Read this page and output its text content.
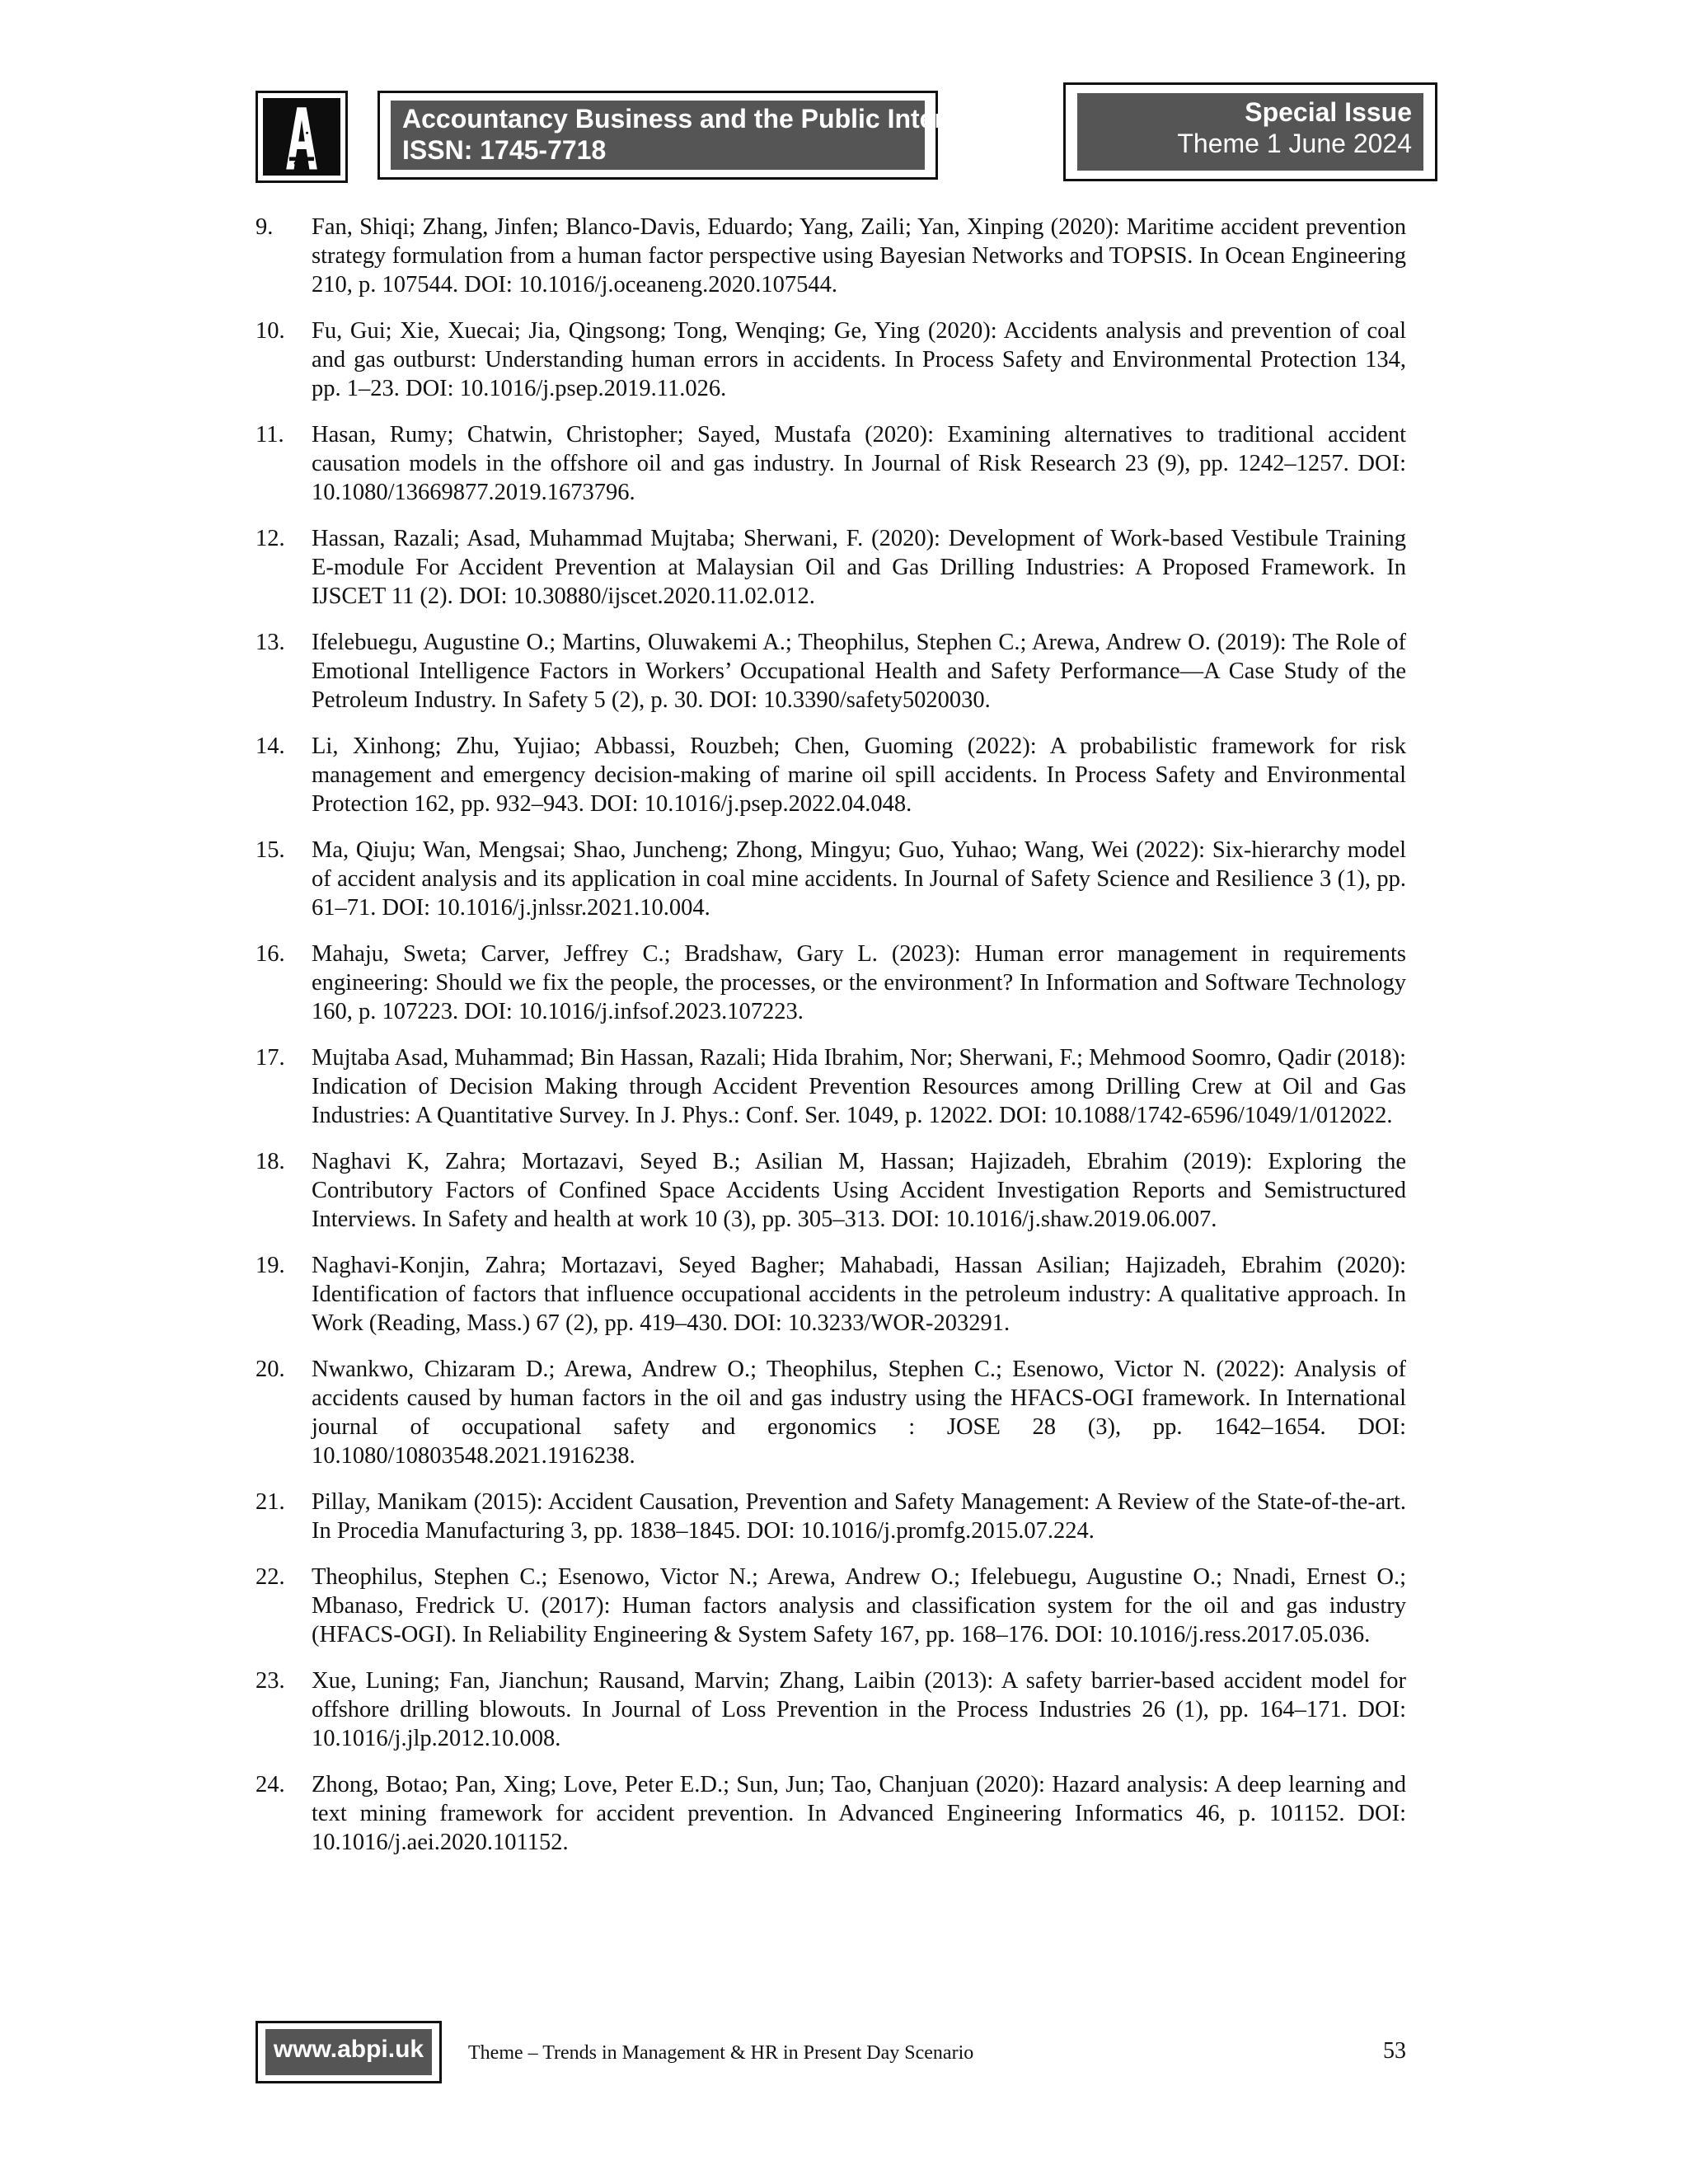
Accountancy Business and the Public Interest
ISSN: 1745-7718
Special Issue
Theme 1 June 2024
9.	Fan, Shiqi; Zhang, Jinfen; Blanco-Davis, Eduardo; Yang, Zaili; Yan, Xinping (2020): Maritime accident prevention strategy formulation from a human factor perspective using Bayesian Networks and TOPSIS. In Ocean Engineering 210, p. 107544. DOI: 10.1016/j.oceaneng.2020.107544.
10.	Fu, Gui; Xie, Xuecai; Jia, Qingsong; Tong, Wenqing; Ge, Ying (2020): Accidents analysis and prevention of coal and gas outburst: Understanding human errors in accidents. In Process Safety and Environmental Protection 134, pp. 1–23. DOI: 10.1016/j.psep.2019.11.026.
11.	Hasan, Rumy; Chatwin, Christopher; Sayed, Mustafa (2020): Examining alternatives to traditional accident causation models in the offshore oil and gas industry. In Journal of Risk Research 23 (9), pp. 1242–1257. DOI: 10.1080/13669877.2019.1673796.
12.	Hassan, Razali; Asad, Muhammad Mujtaba; Sherwani, F. (2020): Development of Work-based Vestibule Training E-module For Accident Prevention at Malaysian Oil and Gas Drilling Industries: A Proposed Framework. In IJSCET 11 (2). DOI: 10.30880/ijscet.2020.11.02.012.
13.	Ifelebuegu, Augustine O.; Martins, Oluwakemi A.; Theophilus, Stephen C.; Arewa, Andrew O. (2019): The Role of Emotional Intelligence Factors in Workers’ Occupational Health and Safety Performance—A Case Study of the Petroleum Industry. In Safety 5 (2), p. 30. DOI: 10.3390/safety5020030.
14.	Li, Xinhong; Zhu, Yujiao; Abbassi, Rouzbeh; Chen, Guoming (2022): A probabilistic framework for risk management and emergency decision-making of marine oil spill accidents. In Process Safety and Environmental Protection 162, pp. 932–943. DOI: 10.1016/j.psep.2022.04.048.
15.	Ma, Qiuju; Wan, Mengsai; Shao, Juncheng; Zhong, Mingyu; Guo, Yuhao; Wang, Wei (2022): Six-hierarchy model of accident analysis and its application in coal mine accidents. In Journal of Safety Science and Resilience 3 (1), pp. 61–71. DOI: 10.1016/j.jnlssr.2021.10.004.
16.	Mahaju, Sweta; Carver, Jeffrey C.; Bradshaw, Gary L. (2023): Human error management in requirements engineering: Should we fix the people, the processes, or the environment? In Information and Software Technology 160, p. 107223. DOI: 10.1016/j.infsof.2023.107223.
17.	Mujtaba Asad, Muhammad; Bin Hassan, Razali; Hida Ibrahim, Nor; Sherwani, F.; Mehmood Soomro, Qadir (2018): Indication of Decision Making through Accident Prevention Resources among Drilling Crew at Oil and Gas Industries: A Quantitative Survey. In J. Phys.: Conf. Ser. 1049, p. 12022. DOI: 10.1088/1742-6596/1049/1/012022.
18.	Naghavi K, Zahra; Mortazavi, Seyed B.; Asilian M, Hassan; Hajizadeh, Ebrahim (2019): Exploring the Contributory Factors of Confined Space Accidents Using Accident Investigation Reports and Semistructured Interviews. In Safety and health at work 10 (3), pp. 305–313. DOI: 10.1016/j.shaw.2019.06.007.
19.	Naghavi-Konjin, Zahra; Mortazavi, Seyed Bagher; Mahabadi, Hassan Asilian; Hajizadeh, Ebrahim (2020): Identification of factors that influence occupational accidents in the petroleum industry: A qualitative approach. In Work (Reading, Mass.) 67 (2), pp. 419–430. DOI: 10.3233/WOR-203291.
20.	Nwankwo, Chizaram D.; Arewa, Andrew O.; Theophilus, Stephen C.; Esenowo, Victor N. (2022): Analysis of accidents caused by human factors in the oil and gas industry using the HFACS-OGI framework. In International journal of occupational safety and ergonomics : JOSE 28 (3), pp. 1642–1654. DOI: 10.1080/10803548.2021.1916238.
21.	Pillay, Manikam (2015): Accident Causation, Prevention and Safety Management: A Review of the State-of-the-art. In Procedia Manufacturing 3, pp. 1838–1845. DOI: 10.1016/j.promfg.2015.07.224.
22.	Theophilus, Stephen C.; Esenowo, Victor N.; Arewa, Andrew O.; Ifelebuegu, Augustine O.; Nnadi, Ernest O.; Mbanaso, Fredrick U. (2017): Human factors analysis and classification system for the oil and gas industry (HFACS-OGI). In Reliability Engineering & System Safety 167, pp. 168–176. DOI: 10.1016/j.ress.2017.05.036.
23.	Xue, Luning; Fan, Jianchun; Rausand, Marvin; Zhang, Laibin (2013): A safety barrier-based accident model for offshore drilling blowouts. In Journal of Loss Prevention in the Process Industries 26 (1), pp. 164–171. DOI: 10.1016/j.jlp.2012.10.008.
24.	Zhong, Botao; Pan, Xing; Love, Peter E.D.; Sun, Jun; Tao, Chanjuan (2020): Hazard analysis: A deep learning and text mining framework for accident prevention. In Advanced Engineering Informatics 46, p. 101152. DOI: 10.1016/j.aei.2020.101152.
www.abpi.uk	Theme – Trends in Management & HR in Present Day Scenario	53
